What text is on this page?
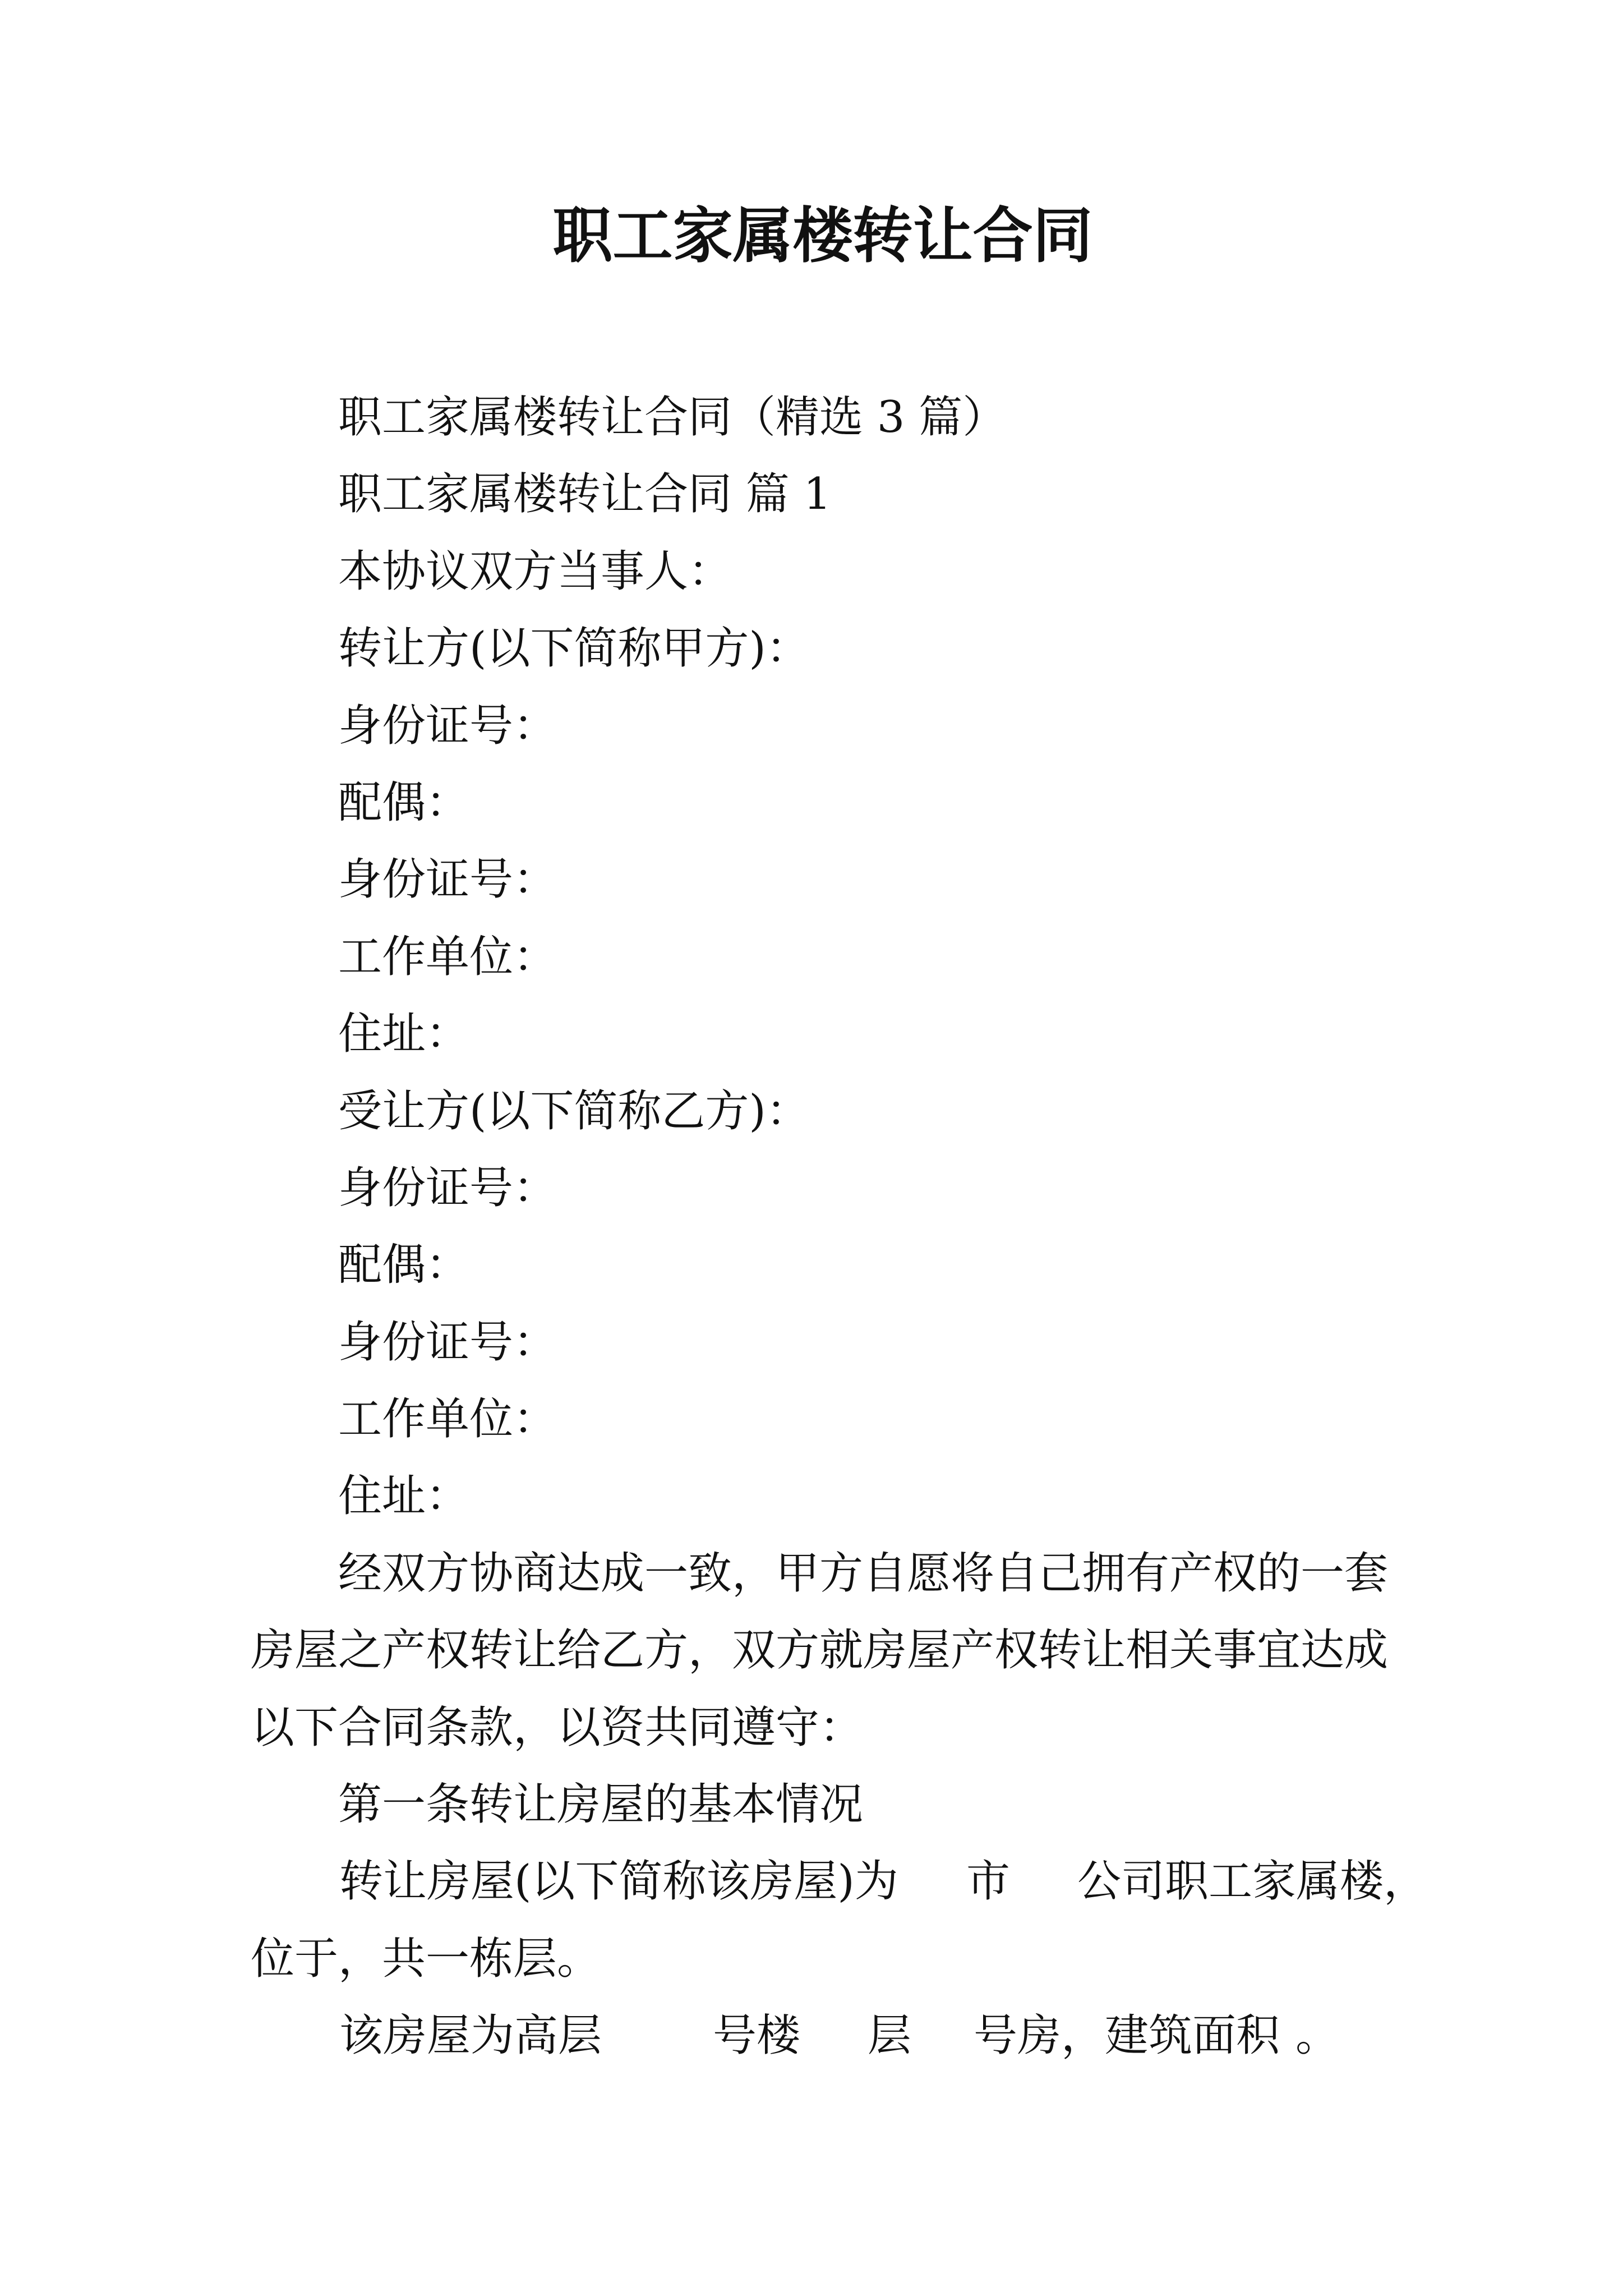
职工家属楼转让合同
职工家属楼转让合同（精选 3 篇）
职工家属楼转让合同 篇 1
本协议双方当事人：
转让方(以下简称甲方)：
身份证号：
配偶：
身份证号：
工作单位：
住址：
受让方(以下简称乙方)：
身份证号：
配偶：
身份证号：
工作单位：
住址：
经双方协商达成一致，甲方自愿将自己拥有产权的一套
房屋之产权转让给乙方，双方就房屋产权转让相关事宜达成
以下合同条款，以资共同遵守：
第一条转让房屋的基本情况
转让房屋(以下简称该房屋)为 市 公司职工家属楼，
位于，共一栋层。
该房屋为高层	号楼 层 号房，建筑面积 。
